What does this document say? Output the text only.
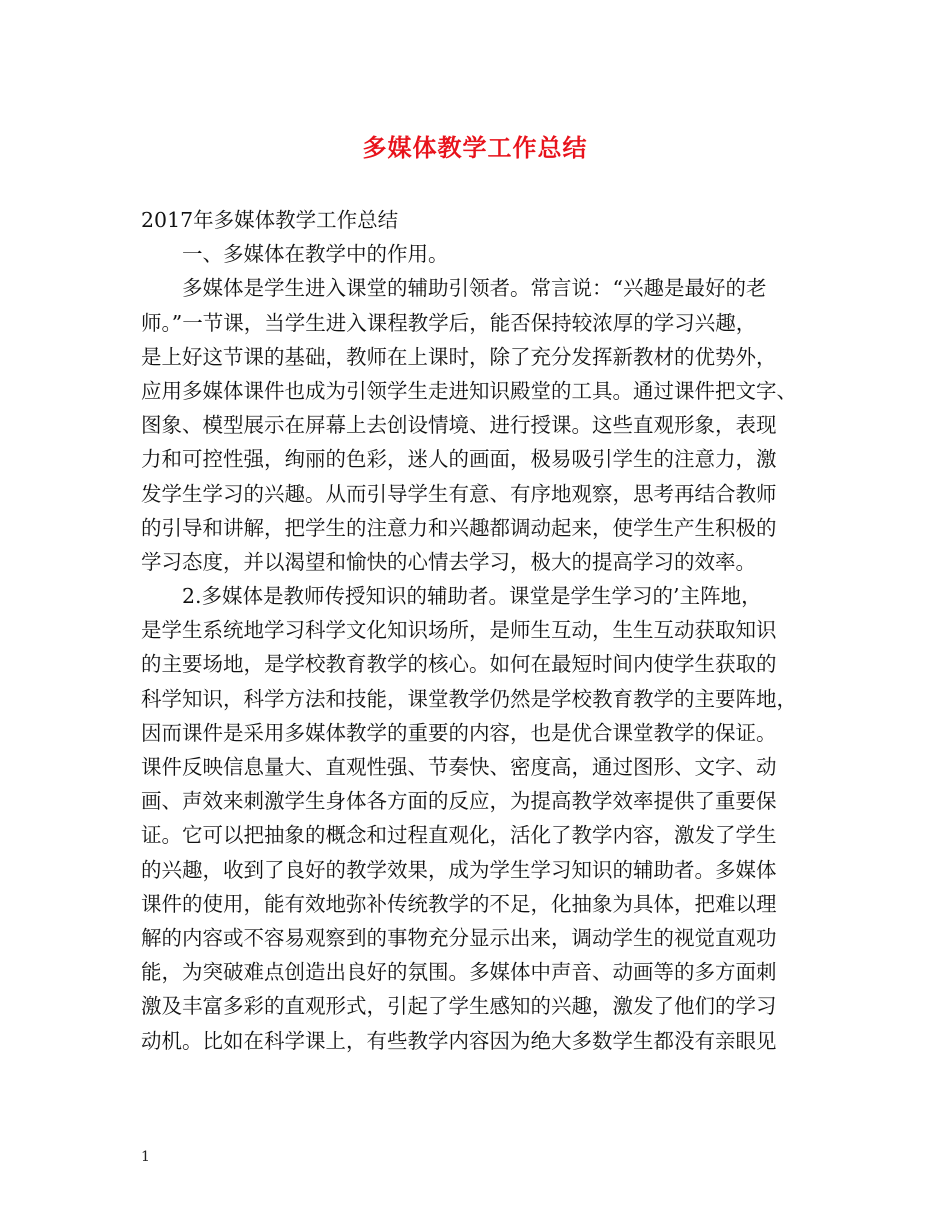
多媒体教学工作总结
2017年多媒体教学工作总结
一、多媒体在教学中的作用。
多媒体是学生进入课堂的辅助引领者。常言说：“兴趣是最好的老
师。”一节课，当学生进入课程教学后，能否保持较浓厚的学习兴趣，
是上好这节课的基础，教师在上课时，除了充分发挥新教材的优势外，
应用多媒体课件也成为引领学生走进知识殿堂的工具。通过课件把文字、
图象、模型展示在屏幕上去创设情境、进行授课。这些直观形象，表现
力和可控性强，绚丽的色彩，迷人的画面，极易吸引学生的注意力，激
发学生学习的兴趣。从而引导学生有意、有序地观察，思考再结合教师
的引导和讲解，把学生的注意力和兴趣都调动起来，使学生产生积极的
学习态度，并以渴望和愉快的心情去学习，极大的提高学习的效率。
2.多媒体是教师传授知识的辅助者。课堂是学生学习的’主阵地，
是学生系统地学习科学文化知识场所，是师生互动，生生互动获取知识
的主要场地，是学校教育教学的核心。如何在最短时间内使学生获取的
科学知识，科学方法和技能，课堂教学仍然是学校教育教学的主要阵地，
因而课件是采用多媒体教学的重要的内容，也是优合课堂教学的保证。
课件反映信息量大、直观性强、节奏快、密度高，通过图形、文字、动
画、声效来刺激学生身体各方面的反应，为提高教学效率提供了重要保
证。它可以把抽象的概念和过程直观化，活化了教学内容，激发了学生
的兴趣，收到了良好的教学效果，成为学生学习知识的辅助者。多媒体
课件的使用，能有效地弥补传统教学的不足，化抽象为具体，把难以理
解的内容或不容易观察到的事物充分显示出来，调动学生的视觉直观功
能，为突破难点创造出良好的氛围。多媒体中声音、动画等的多方面刺
激及丰富多彩的直观形式，引起了学生感知的兴趣，激发了他们的学习
动机。比如在科学课上，有些教学内容因为绝大多数学生都没有亲眼见
1
